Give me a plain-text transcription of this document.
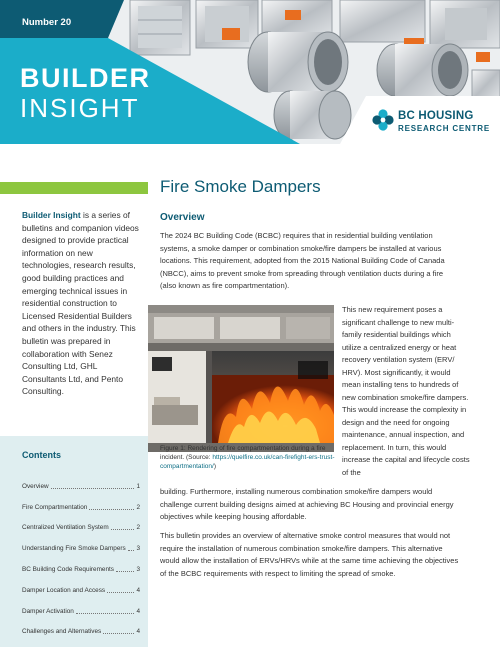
Number 20
BUILDER
INSIGHT	BC HOUSING
RESEARCH CENTRE
Builder Insight is a series of bulletins and companion videos designed to provide practical information on new technologies, research results, good building practices and emerging technical issues in residential construction to Licensed Residential Builders and others in the industry. This bulletin was prepared in collaboration with Senez Consulting Ltd, GHL Consultants Ltd, and Pento Consulting.
Contents
Overview	1
Fire Compartmentation	2
Centralized Ventilation System	2
Understanding Fire Smoke Dampers 3
BC Building Code Requirements	3
Damper Location and Access	4
Damper Activation	4
Challenges and Alternatives	4
Fire Smoke Dampers
Overview

The 2024 BC Building Code (BCBC) requires that in residential building ventilation systems, a smoke damper or combination smoke/fire dampers be installed at various locations. This requirement, adopted from the 2015 National Building Code of Canada (NBCC), aims to prevent smoke from spreading through ventilation ducts during a fire (also known as fire compartmentation).

Figure 1: Rendering of fire compartmentation during a fire incident. (Source: https://quelfire.co.uk/can-firefight-ers-trust-compartmentation/)

This new requirement poses a significant challenge to new multi-family residential buildings which utilize a centralized energy or heat recovery ventilation system (ERV/ HRV). Most significantly, it would mean installing tens to hundreds of new combination smoke/fire dampers. This would increase the complexity in design and the need for ongoing maintenance, annual inspection, and replacement. In turn, this would increase the capital and lifecycle costs of the

building. Furthermore, installing numerous combination smoke/fire dampers would challenge current building designs aimed at achieving BC Housing and provincial energy objectives while keeping housing affordable.

This bulletin provides an overview of alternative smoke control measures that would not require the installation of numerous combination smoke/fire dampers. This alternative would allow the installation of ERVs/HRVs while at the same time achieving the objectives of the BCBC requirements with respect to limiting the spread of smoke.
